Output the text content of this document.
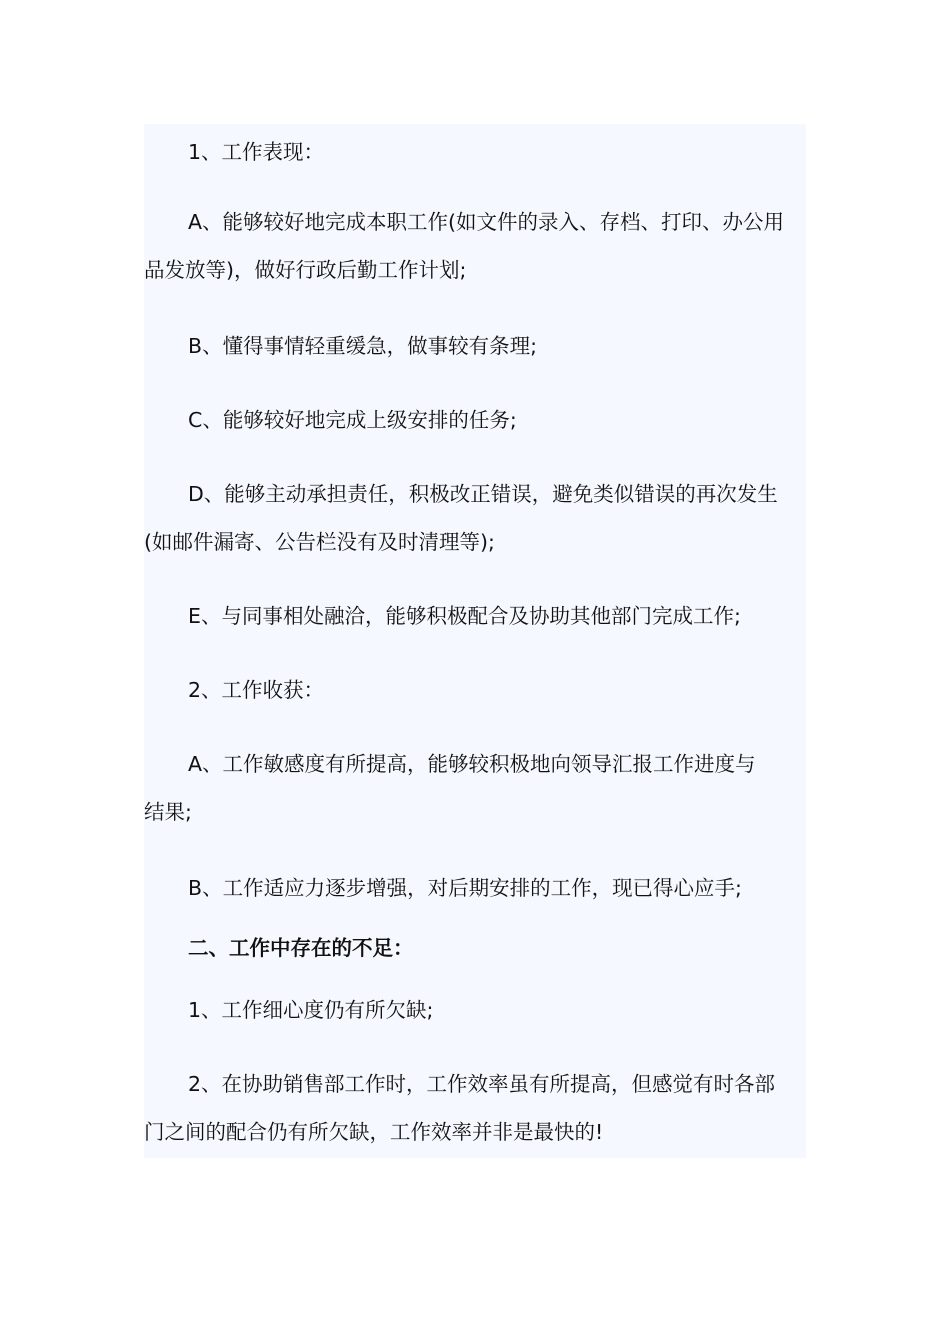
1、工作表现：

A、能够较好地完成本职工作(如文件的录入、存档、打印、办公用
品发放等)，做好行政后勤工作计划;

B、懂得事情轻重缓急，做事较有条理;

C、能够较好地完成上级安排的任务;

D、能够主动承担责任，积极改正错误，避免类似错误的再次发生
(如邮件漏寄、公告栏没有及时清理等);

E、与同事相处融洽，能够积极配合及协助其他部门完成工作;

2、工作收获：

A、工作敏感度有所提高，能够较积极地向领导汇报工作进度与
结果;

B、工作适应力逐步增强，对后期安排的工作，现已得心应手;

二、工作中存在的不足：

1、工作细心度仍有所欠缺;

2、在协助销售部工作时，工作效率虽有所提高，但感觉有时各部
门之间的配合仍有所欠缺，工作效率并非是最快的!
